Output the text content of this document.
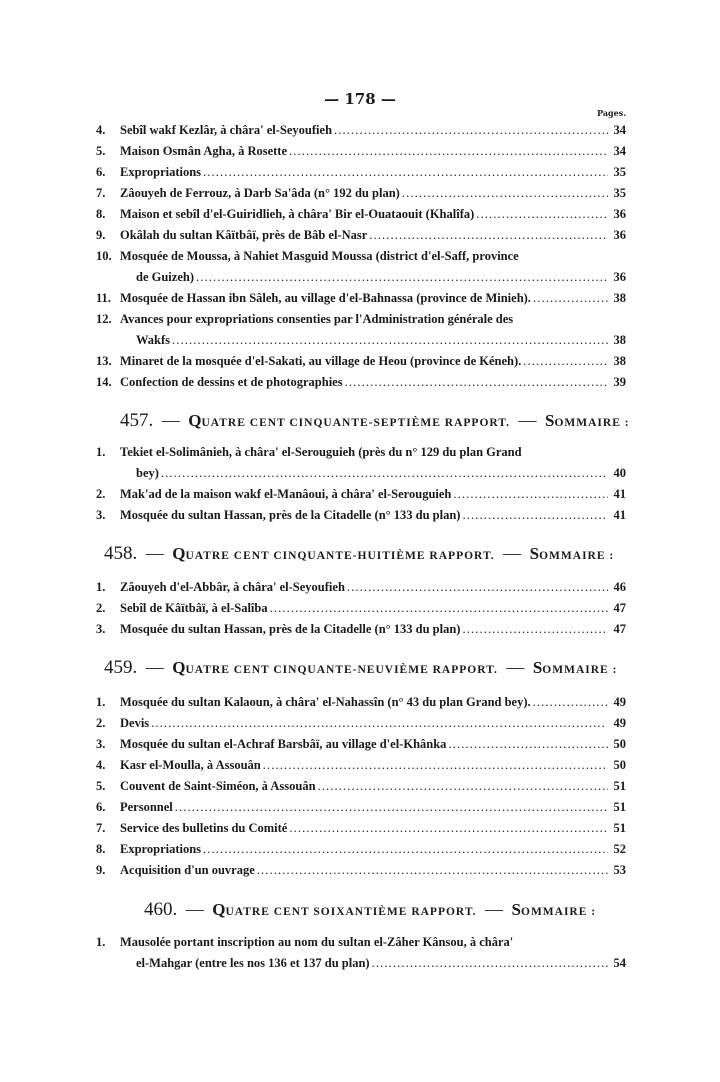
— 178 —
Pages.
4.	Sebîl wakf Kezlâr, à châra' el-Seyoufieh . . .	34
5.	Maison Osmân Agha, à Rosette . . .	34
6.	Expropriations . . .	35
7.	Zâouyeh de Ferrouz, à Darb Sa'âda (n° 192 du plan) . . .	35
8.	Maison et sebîl d'el-Guiridlieh, à châra' Bir el-Ouataouit (Khalîfa) . . .	36
9.	Okâlah du sultan Kâïtbâï, près de Bâb el-Nasr . . .	36
10. Mosquée de Moussa, à Nahiet Masguid Moussa (district d'el-Saff, province
de Guizeh) . . .	36
11. Mosquée de Hassan ibn Sâleh, au village d'el-Bahnassa (province de Minieh). . . .	38
12. Avances pour expropriations consenties par l'Administration générale des
Wakfs . . .	38
13. Minaret de la mosquée d'el-Sakati, au village de Heou (province de Kéneh). . . .	38
14. Confection de dessins et de photographies . . .	39
457. — QUATRE CENT CINQUANTE-SEPTIÈME RAPPORT. — SOMMAIRE :
1.	Tekiet el-Solimânieh, à châra' el-Serouguieh (près du n° 129 du plan Grand
bey) . . .	40
2.	Mak'ad de la maison wakf el-Manâoui, à châra' el-Serouguieh . . .	41
3.	Mosquée du sultan Hassan, près de la Citadelle (n° 133 du plan) . . .	41
458. — QUATRE CENT CINQUANTE-HUITIÈME RAPPORT. — SOMMAIRE :
1.	Zâouyeh d'el-Abbâr, à châra' el-Seyoufieh . . .	46
2.	Sebîl de Kâïtbâï, à el-Salîba . . .	47
3.	Mosquée du sultan Hassan, près de la Citadelle (n° 133 du plan) . . .	47
459. — QUATRE CENT CINQUANTE-NEUVIÈME RAPPORT. — SOMMAIRE :
1.	Mosquée du sultan Kalaoun, à châra' el-Nahassîn (n° 43 du plan Grand bey). . . .	49
2.	Devis . . .	49
3.	Mosquée du sultan el-Achraf Barsbâï, au village d'el-Khânka . . .	50
4.	Kasr el-Moulla, à Assouân . . .	50
5.	Couvent de Saint-Siméon, à Assouân . . .	51
6.	Personnel . . .	51
7.	Service des bulletins du Comité . . .	51
8.	Expropriations . . .	52
9.	Acquisition d'un ouvrage . . .	53
460. — QUATRE CENT SOIXANTIÈME RAPPORT. — SOMMAIRE :
1.	Mausolée portant inscription au nom du sultan el-Zâher Kânsou, à châra'
el-Mahgar (entre les nos 136 et 137 du plan) . . .	54
